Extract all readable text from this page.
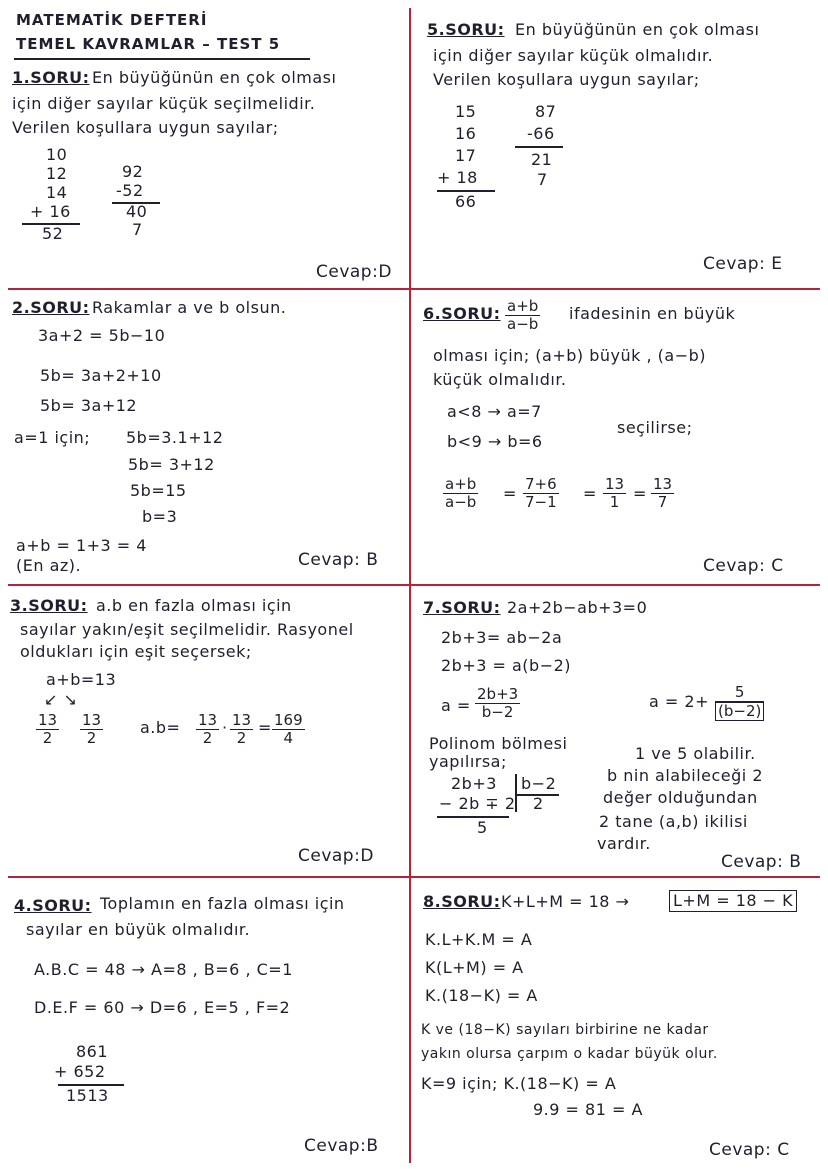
MATEMATİK DEFTERİ
TEMEL KAVRAMLAR – TEST 5
1.SORU: En büyüğünün en çok olması
için diğer sayılar küçük seçilmelidir.
Verilen koşullara uygun sayılar;
10
12
14
+ 16
52
92
-52
40
7
Cevap:D
5.SORU: En büyüğünün en çok olması
için diğer sayılar küçük olmalıdır.
Verilen koşullara uygun sayılar;
15
16
17
+ 18
66
87
-66
21
7
Cevap: E
2.SORU: Rakamlar a ve b olsun.
3a+2 = 5b−10
5b= 3a+2+10
5b= 3a+12
a=1 için; 5b=3.1+12
5b= 3+12
5b=15
b=3
a+b = 1+3 = 4
(En az).	Cevap: B
6.SORU: $\frac{a+b}{a-b}$ ifadesinin en büyük
olması için; (a+b) büyük , (a−b)
küçük olmalıdır.
a<8 → a=7
b<9 → b=6
seçilirse;
$\frac{a+b}{a-b} = \frac{7+6}{7-1} = \frac{13}{1} = \frac{13}{7}$
Cevap: C
3.SORU: a.b en fazla olması için
sayılar yakın/eşit seçilmelidir. Rasyonel
oldukları için eşit seçersek;
a+b=13
↙ ↘
$\frac{13}{2} \frac{13}{2} a.b= \frac{13}{2} \cdot \frac{13}{2} = \frac{169}{4}$
Cevap:D
7.SORU: 2a+2b−ab+3=0
2b+3= ab−2a
2b+3 = a(b−2)
$a = \frac{2b+3}{b-2}$	$a = 2+ \frac{5}{(b-2)}$
Polinom bölmesi
yapılırsa;
2b+3 b−2
2
− 2b ∓ 2
5
1 ve 5 olabilir.
b nin alabileceği 2
değer olduğundan
2 tane (a,b) ikilisi
vardır.
Cevap: B
4.SORU: Toplamın en fazla olması için
sayılar en büyük olmalıdır.
A.B.C = 48 → A=8 , B=6 , C=1
D.E.F = 60 → D=6 , E=5 , F=2
861
+ 652
1513
Cevap:B
8.SORU: K+L+M = 18 →	L+M = 18 − K
K.L+K.M = A
K(L+M) = A
K.(18−K) = A
K ve (18−K) sayıları birbirine ne kadar
yakın olursa çarpım o kadar büyük olur.
K=9 için; K.(18−K) = A
9.9 = 81 = A
Cevap: C
